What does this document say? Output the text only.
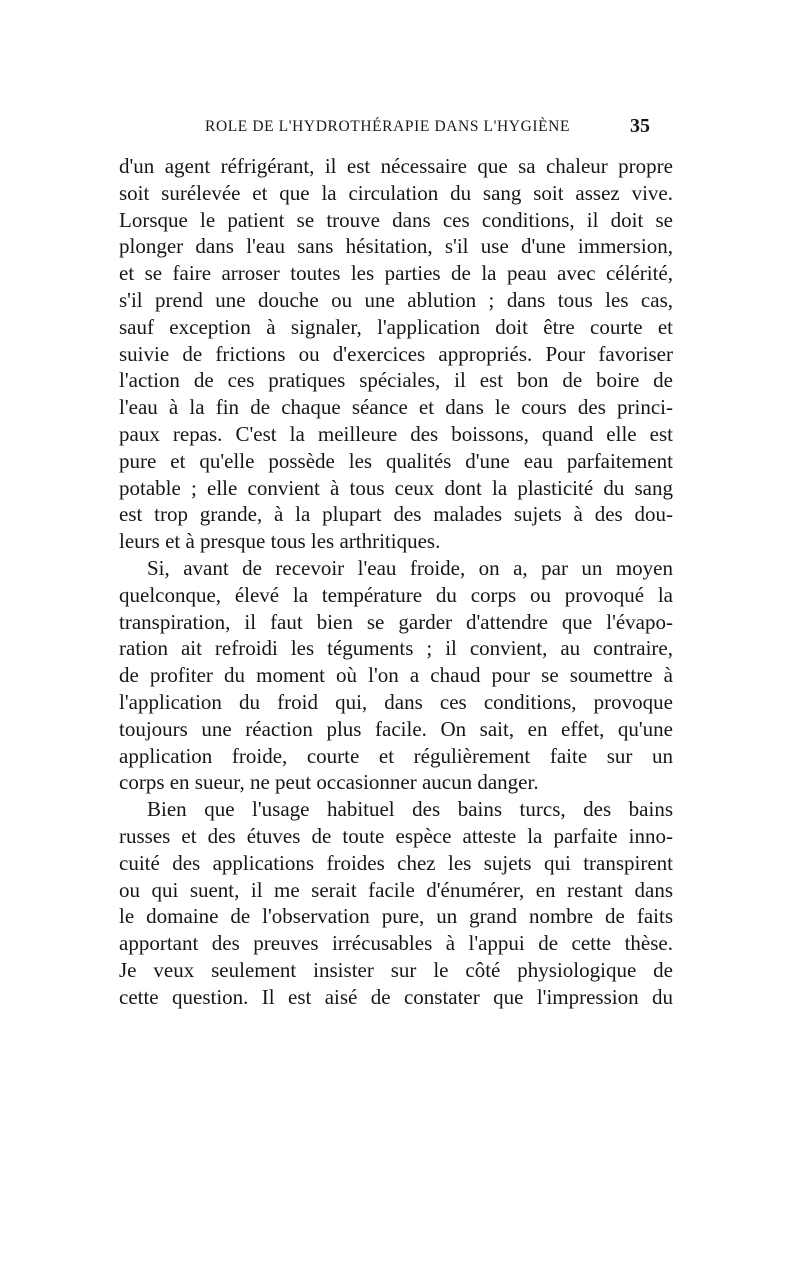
ROLE DE L'HYDROTHÉRAPIE DANS L'HYGIÈNE	35
d'un agent réfrigérant, il est nécessaire que sa chaleur propre
soit surélevée et que la circulation du sang soit assez vive.
Lorsque le patient se trouve dans ces conditions, il doit se
plonger dans l'eau sans hésitation, s'il use d'une immersion,
et se faire arroser toutes les parties de la peau avec célérité,
s'il prend une douche ou une ablution ; dans tous les cas,
sauf exception à signaler, l'application doit être courte et
suivie de frictions ou d'exercices appropriés. Pour favoriser
l'action de ces pratiques spéciales, il est bon de boire de
l'eau à la fin de chaque séance et dans le cours des princi-
paux repas. C'est la meilleure des boissons, quand elle est
pure et qu'elle possède les qualités d'une eau parfaitement
potable ; elle convient à tous ceux dont la plasticité du sang
est trop grande, à la plupart des malades sujets à des dou-
leurs et à presque tous les arthritiques.
Si, avant de recevoir l'eau froide, on a, par un moyen
quelconque, élevé la température du corps ou provoqué la
transpiration, il faut bien se garder d'attendre que l'évapo-
ration ait refroidi les téguments ; il convient, au contraire,
de profiter du moment où l'on a chaud pour se soumettre à
l'application du froid qui, dans ces conditions, provoque
toujours une réaction plus facile. On sait, en effet, qu'une
application froide, courte et régulièrement faite sur un
corps en sueur, ne peut occasionner aucun danger.
Bien que l'usage habituel des bains turcs, des bains
russes et des étuves de toute espèce atteste la parfaite inno-
cuité des applications froides chez les sujets qui transpirent
ou qui suent, il me serait facile d'énumérer, en restant dans
le domaine de l'observation pure, un grand nombre de faits
apportant des preuves irrécusables à l'appui de cette thèse.
Je veux seulement insister sur le côté physiologique de
cette question. Il est aisé de constater que l'impression du
